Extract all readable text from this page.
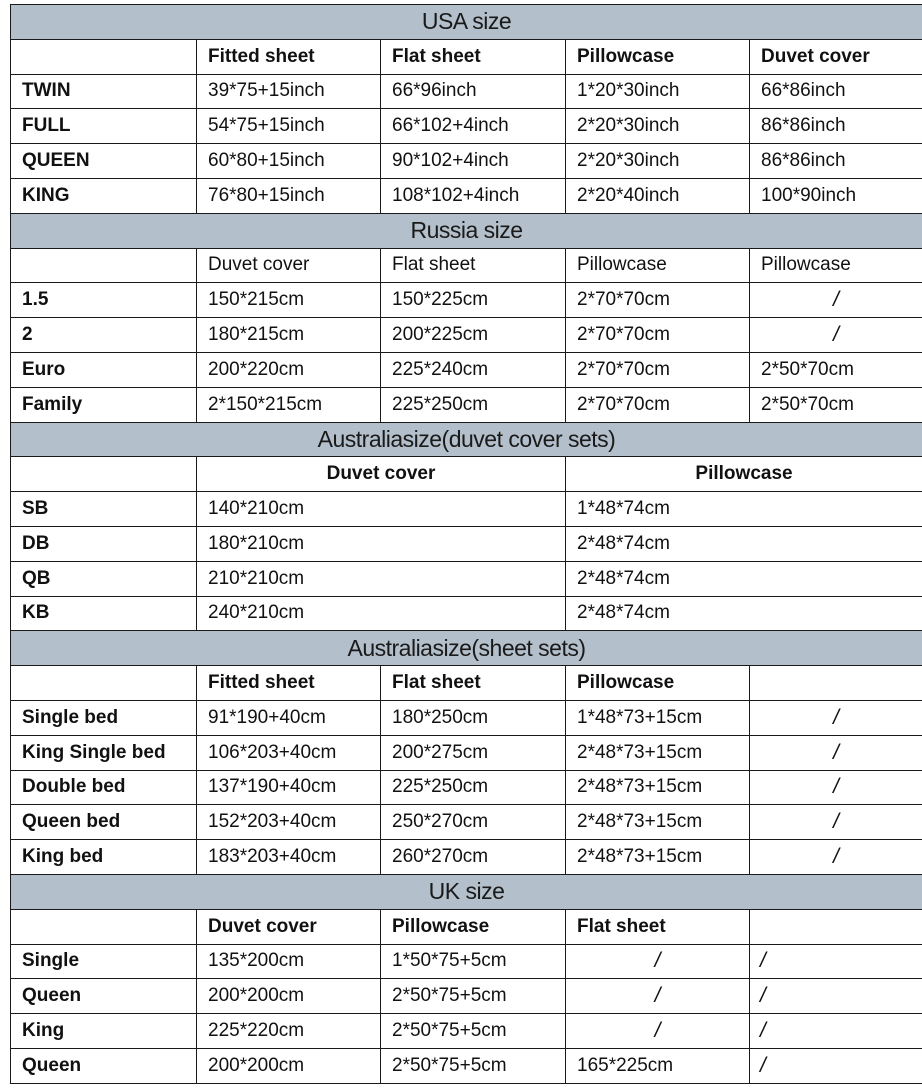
USA size				
	Fitted sheet	Flat sheet	Pillowcase	Duvet cover
TWIN	39*75+15inch	66*96inch	1*20*30inch	66*86inch
FULL	54*75+15inch	66*102+4inch	2*20*30inch	86*86inch
QUEEN	60*80+15inch	90*102+4inch	2*20*30inch	86*86inch
KING	76*80+15inch	108*102+4inch	2*20*40inch	100*90inch
Russia size				
	Duvet cover	Flat sheet	Pillowcase	Pillowcase
1.5	150*215cm	150*225cm	2*70*70cm	/
2	180*215cm	200*225cm	2*70*70cm	/
Euro	200*220cm	225*240cm	2*70*70cm	2*50*70cm
Family	2*150*215cm	225*250cm	2*70*70cm	2*50*70cm
Australiasize(duvet cover sets)				
	Duvet cover		Pillowcase	
SB	140*210cm		1*48*74cm	
DB	180*210cm		2*48*74cm	
QB	210*210cm		2*48*74cm	
KB	240*210cm		2*48*74cm	
Australiasize(sheet sets)				
	Fitted sheet	Flat sheet	Pillowcase	
Single bed	91*190+40cm	180*250cm	1*48*73+15cm	/
King Single bed	106*203+40cm	200*275cm	2*48*73+15cm	/
Double bed	137*190+40cm	225*250cm	2*48*73+15cm	/
Queen bed	152*203+40cm	250*270cm	2*48*73+15cm	/
King bed	183*203+40cm	260*270cm	2*48*73+15cm	/
UK size				
	Duvet cover	Pillowcase	Flat sheet	
Single	135*200cm	1*50*75+5cm	/	/
Queen	200*200cm	2*50*75+5cm	/	/
King	225*220cm	2*50*75+5cm	/	/
Queen	200*200cm	2*50*75+5cm	165*225cm	/
